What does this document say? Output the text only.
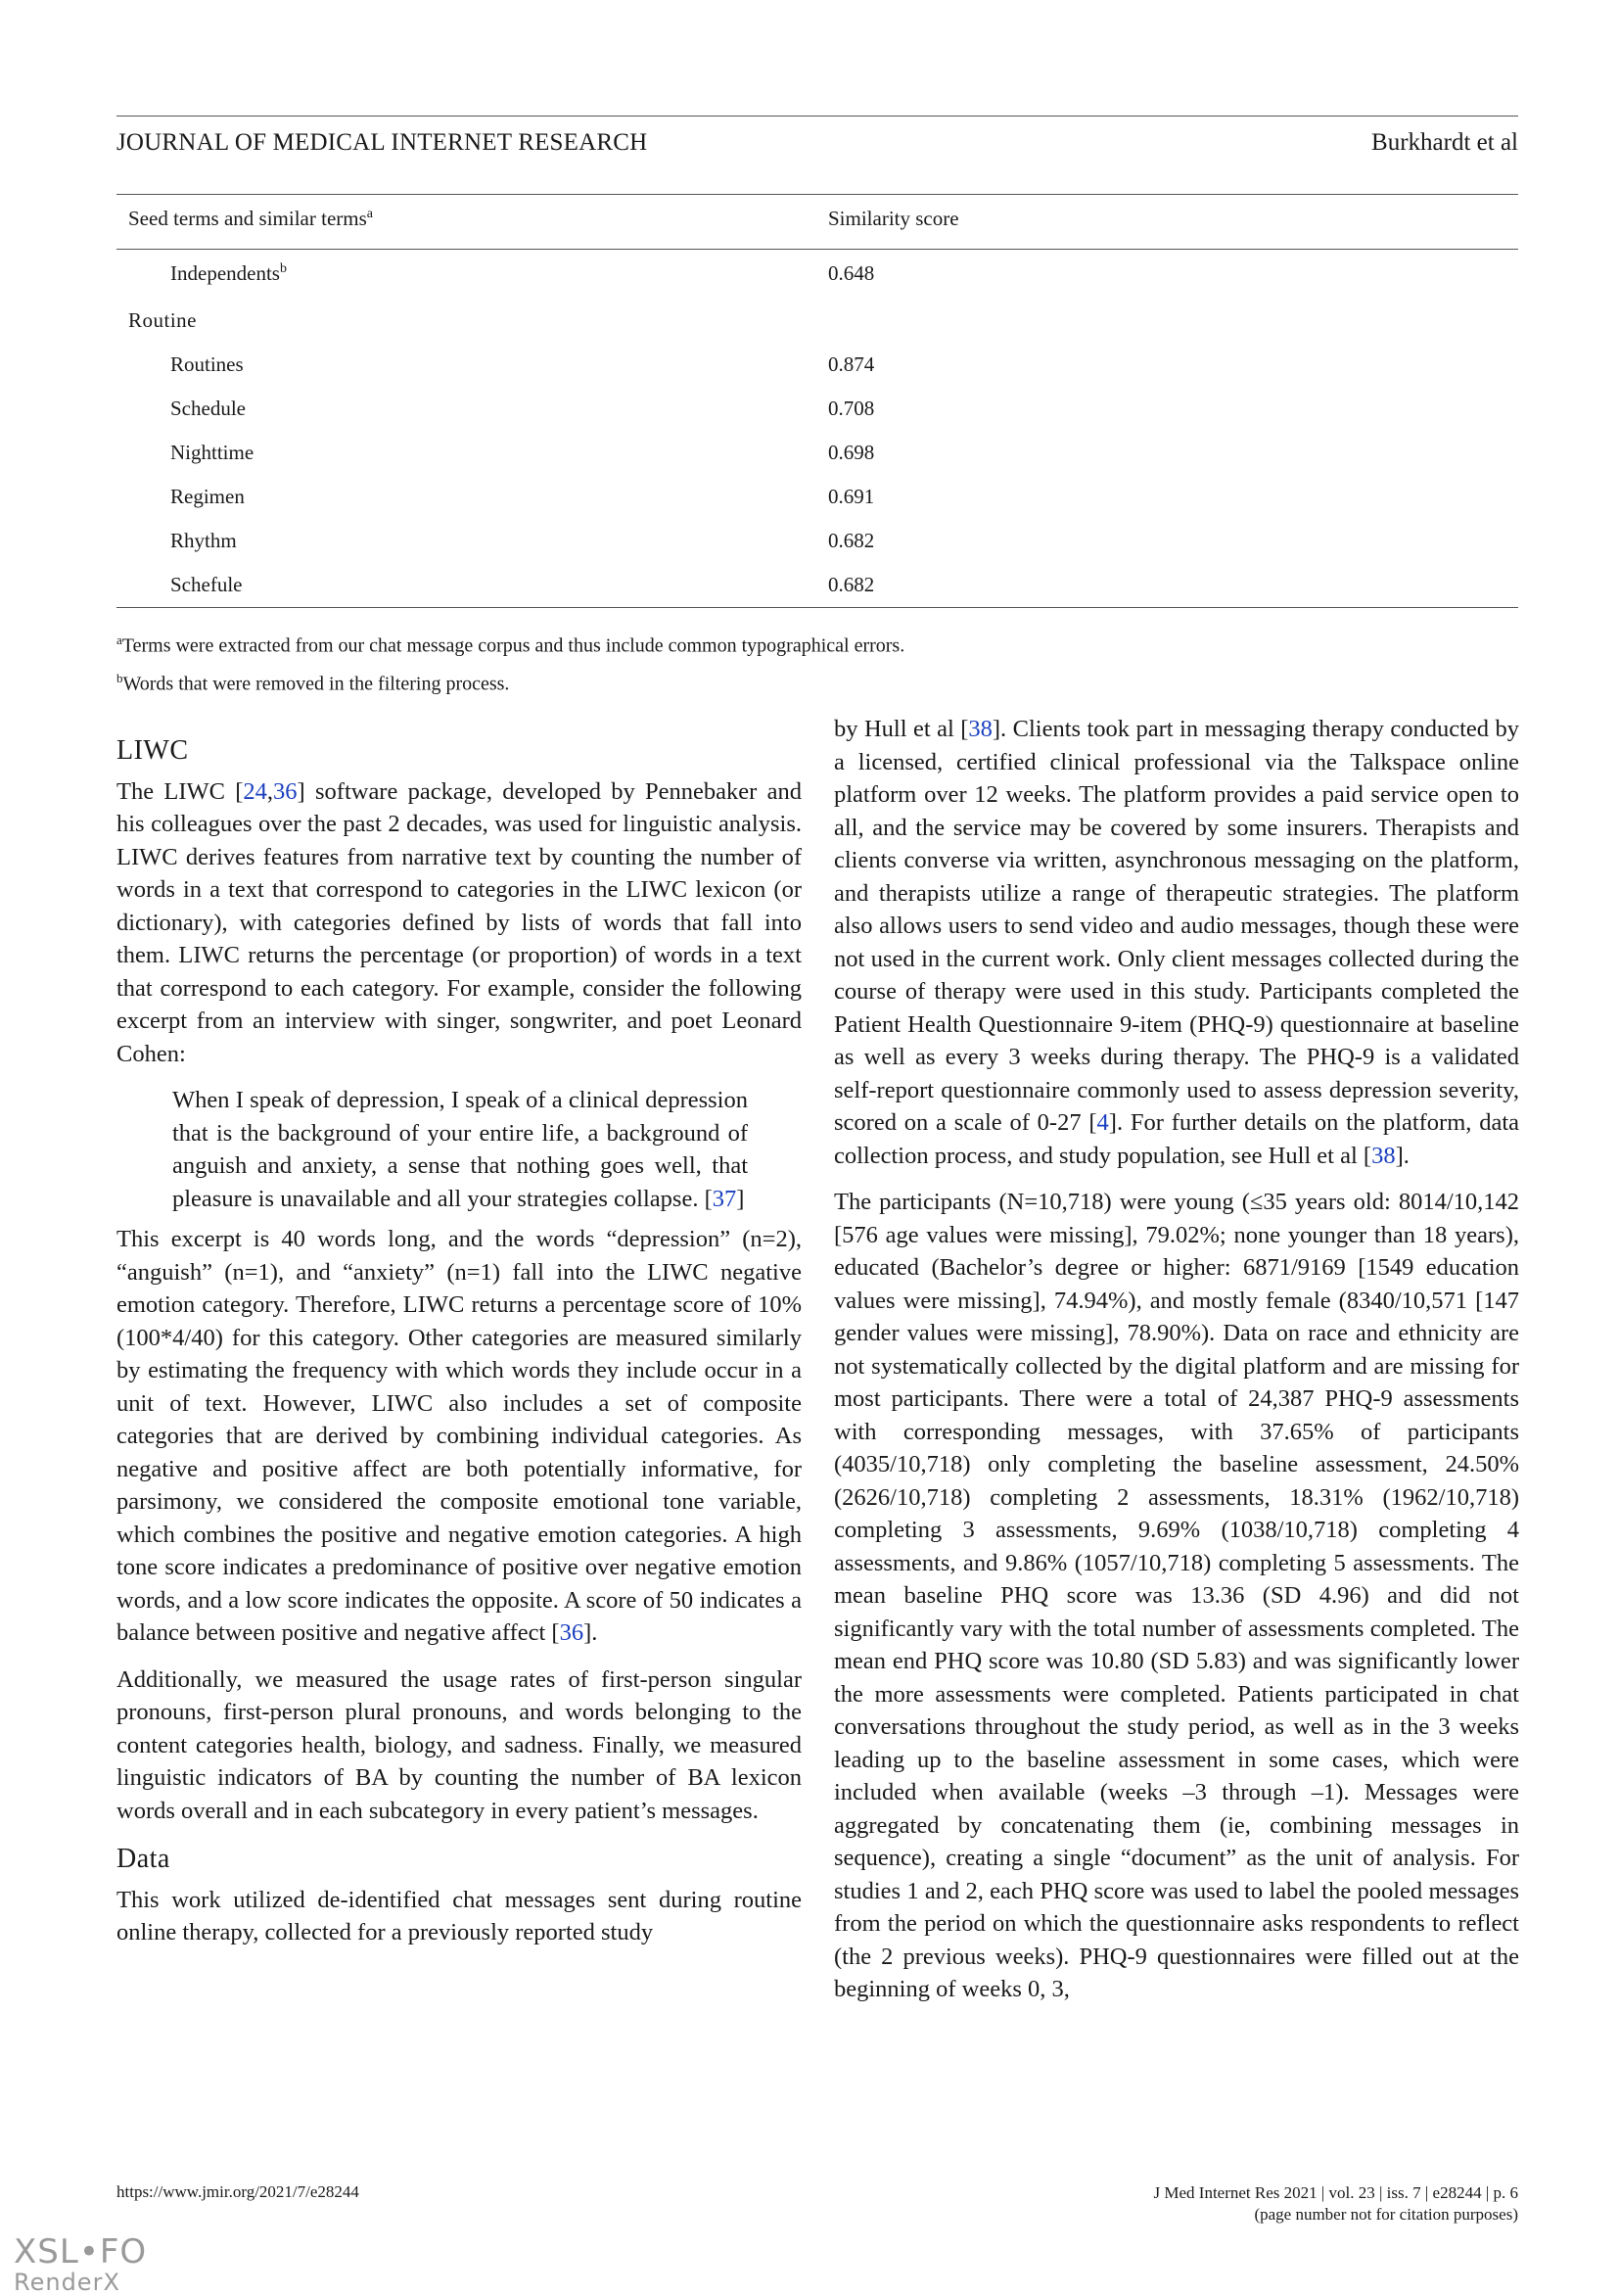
JOURNAL OF MEDICAL INTERNET RESEARCH	Burkhardt et al
Seed terms and similar terms$^a$	Similarity score
Independents$^b$	0.648
Routine	
Routines	0.874
Schedule	0.708
Nighttime	0.698
Regimen	0.691
Rhythm	0.682
Schefule	0.682
$^a$Terms were extracted from our chat message corpus and thus include common typographical errors.
$^b$Words that were removed in the filtering process.
LIWC

The LIWC [24,36] software package, developed by Pennebaker and his colleagues over the past 2 decades, was used for linguistic analysis. LIWC derives features from narrative text by counting the number of words in a text that correspond to categories in the LIWC lexicon (or dictionary), with categories defined by lists of words that fall into them. LIWC returns the percentage (or proportion) of words in a text that correspond to each category. For example, consider the following excerpt from an interview with singer, songwriter, and poet Leonard Cohen:

When I speak of depression, I speak of a clinical depression that is the background of your entire life, a background of anguish and anxiety, a sense that nothing goes well, that pleasure is unavailable and all your strategies collapse. [37]

This excerpt is 40 words long, and the words “depression” (n=2), “anguish” (n=1), and “anxiety” (n=1) fall into the LIWC negative emotion category. Therefore, LIWC returns a percentage score of 10% (100*4/40) for this category. Other categories are measured similarly by estimating the frequency with which words they include occur in a unit of text. However, LIWC also includes a set of composite categories that are derived by combining individual categories. As negative and positive affect are both potentially informative, for parsimony, we considered the composite emotional tone variable, which combines the positive and negative emotion categories. A high tone score indicates a predominance of positive over negative emotion words, and a low score indicates the opposite. A score of 50 indicates a balance between positive and negative affect [36].

Additionally, we measured the usage rates of first-person singular pronouns, first-person plural pronouns, and words belonging to the content categories health, biology, and sadness. Finally, we measured linguistic indicators of BA by counting the number of BA lexicon words overall and in each subcategory in every patient’s messages.

Data

This work utilized de-identified chat messages sent during routine online therapy, collected for a previously reported study

by Hull et al [38]. Clients took part in messaging therapy conducted by a licensed, certified clinical professional via the Talkspace online platform over 12 weeks. The platform provides a paid service open to all, and the service may be covered by some insurers. Therapists and clients converse via written, asynchronous messaging on the platform, and therapists utilize a range of therapeutic strategies. The platform also allows users to send video and audio messages, though these were not used in the current work. Only client messages collected during the course of therapy were used in this study. Participants completed the Patient Health Questionnaire 9-item (PHQ-9) questionnaire at baseline as well as every 3 weeks during therapy. The PHQ-9 is a validated self-report questionnaire commonly used to assess depression severity, scored on a scale of 0-27 [4]. For further details on the platform, data collection process, and study population, see Hull et al [38].

The participants (N=10,718) were young (≤35 years old: 8014/10,142 [576 age values were missing], 79.02%; none younger than 18 years), educated (Bachelor’s degree or higher: 6871/9169 [1549 education values were missing], 74.94%), and mostly female (8340/10,571 [147 gender values were missing], 78.90%). Data on race and ethnicity are not systematically collected by the digital platform and are missing for most participants. There were a total of 24,387 PHQ-9 assessments with corresponding messages, with 37.65% of participants (4035/10,718) only completing the baseline assessment, 24.50% (2626/10,718) completing 2 assessments, 18.31% (1962/10,718) completing 3 assessments, 9.69% (1038/10,718) completing 4 assessments, and 9.86% (1057/10,718) completing 5 assessments. The mean baseline PHQ score was 13.36 (SD 4.96) and did not significantly vary with the total number of assessments completed. The mean end PHQ score was 10.80 (SD 5.83) and was significantly lower the more assessments were completed. Patients participated in chat conversations throughout the study period, as well as in the 3 weeks leading up to the baseline assessment in some cases, which were included when available (weeks –3 through –1). Messages were aggregated by concatenating them (ie, combining messages in sequence), creating a single “document” as the unit of analysis. For studies 1 and 2, each PHQ score was used to label the pooled messages from the period on which the questionnaire asks respondents to reflect (the 2 previous weeks). PHQ-9 questionnaires were filled out at the beginning of weeks 0, 3,

https://www.jmir.org/2021/7/e28244	J Med Internet Res 2021 | vol. 23 | iss. 7 | e28244 | p. 6
(page number not for citation purposes)
XSL•FO
RenderX
